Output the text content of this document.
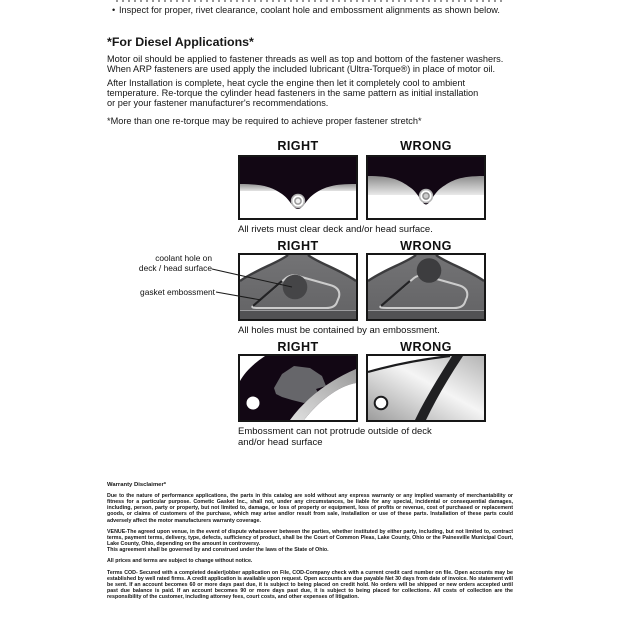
• Inspect for proper, rivet clearance, coolant hole and embossment alignments as shown below.
*For Diesel Applications*
Motor oil should be applied to fastener threads as well as top and bottom of the fastener washers.
When ARP fasteners are used apply the included lubricant (Ultra-Torque®) in place of motor oil.
After Installation is complete, heat cycle the engine then let it completely cool to ambient
temperature. Re-torque the cylinder head fasteners in the same pattern as initial installation
or per your fastener manufacturer's recommendations.
*More than one re-torque may be required to achieve proper fastener stretch*
RIGHT	WRONG
All rivets must clear deck and/or head surface.
RIGHT	WRONG
coolant hole on
deck / head surface
gasket embossment
All holes must be contained by an embossment.
RIGHT	WRONG
Embossment can not protrude outside of deck
and/or head surface
Warranty Disclaimer*
Due to the nature of performance applications, the parts in this catalog are sold without any express warranty or any implied warranty of merchantability or fitness for a particular purpose. Cometic Gasket Inc., shall not, under any circumstances, be liable for any special, incidental or consequential damages, including, person, party or property, but not limited to, damage, or loss of property or equipment, loss of profits or revenue, cost of purchased or replacement goods, or claims of customers of the purchase, which may arise and/or result from sale, installation or use of these parts. Installation of these parts could adversely affect the motor manufacturers warranty coverage.
VENUE-The agreed upon venue, in the event of dispute whatsoever between the parties, whether instituted by either party, including, but not limited to, contract terms, payment terms, delivery, type, defects, sufficiency of product, shall be the Court of Common Pleas, Lake County, Ohio or the Painesville Municipal Court, Lake County, Ohio, depending on the amount in controversy.
This agreement shall be governed by and construed under the laws of the State of Ohio.
All prices and terms are subject to change without notice.
Terms COD- Secured with a completed dealer/jobber application on File, COD-Company check with a current credit card number on file. Open accounts may be established by well rated firms. A credit application is available upon request. Open accounts are due payable Net 30 days from date of invoice. No statement will be sent. If an account becomes 60 or more days past due, it is subject to being placed on credit hold. No orders will be shipped or new orders accepted until past due balance is paid. If an account becomes 90 or more days past due, it is subject to being placed for collections. All costs of collection are the responsibility of the customer, including attorney fees, court costs, and other expenses of litigation.
